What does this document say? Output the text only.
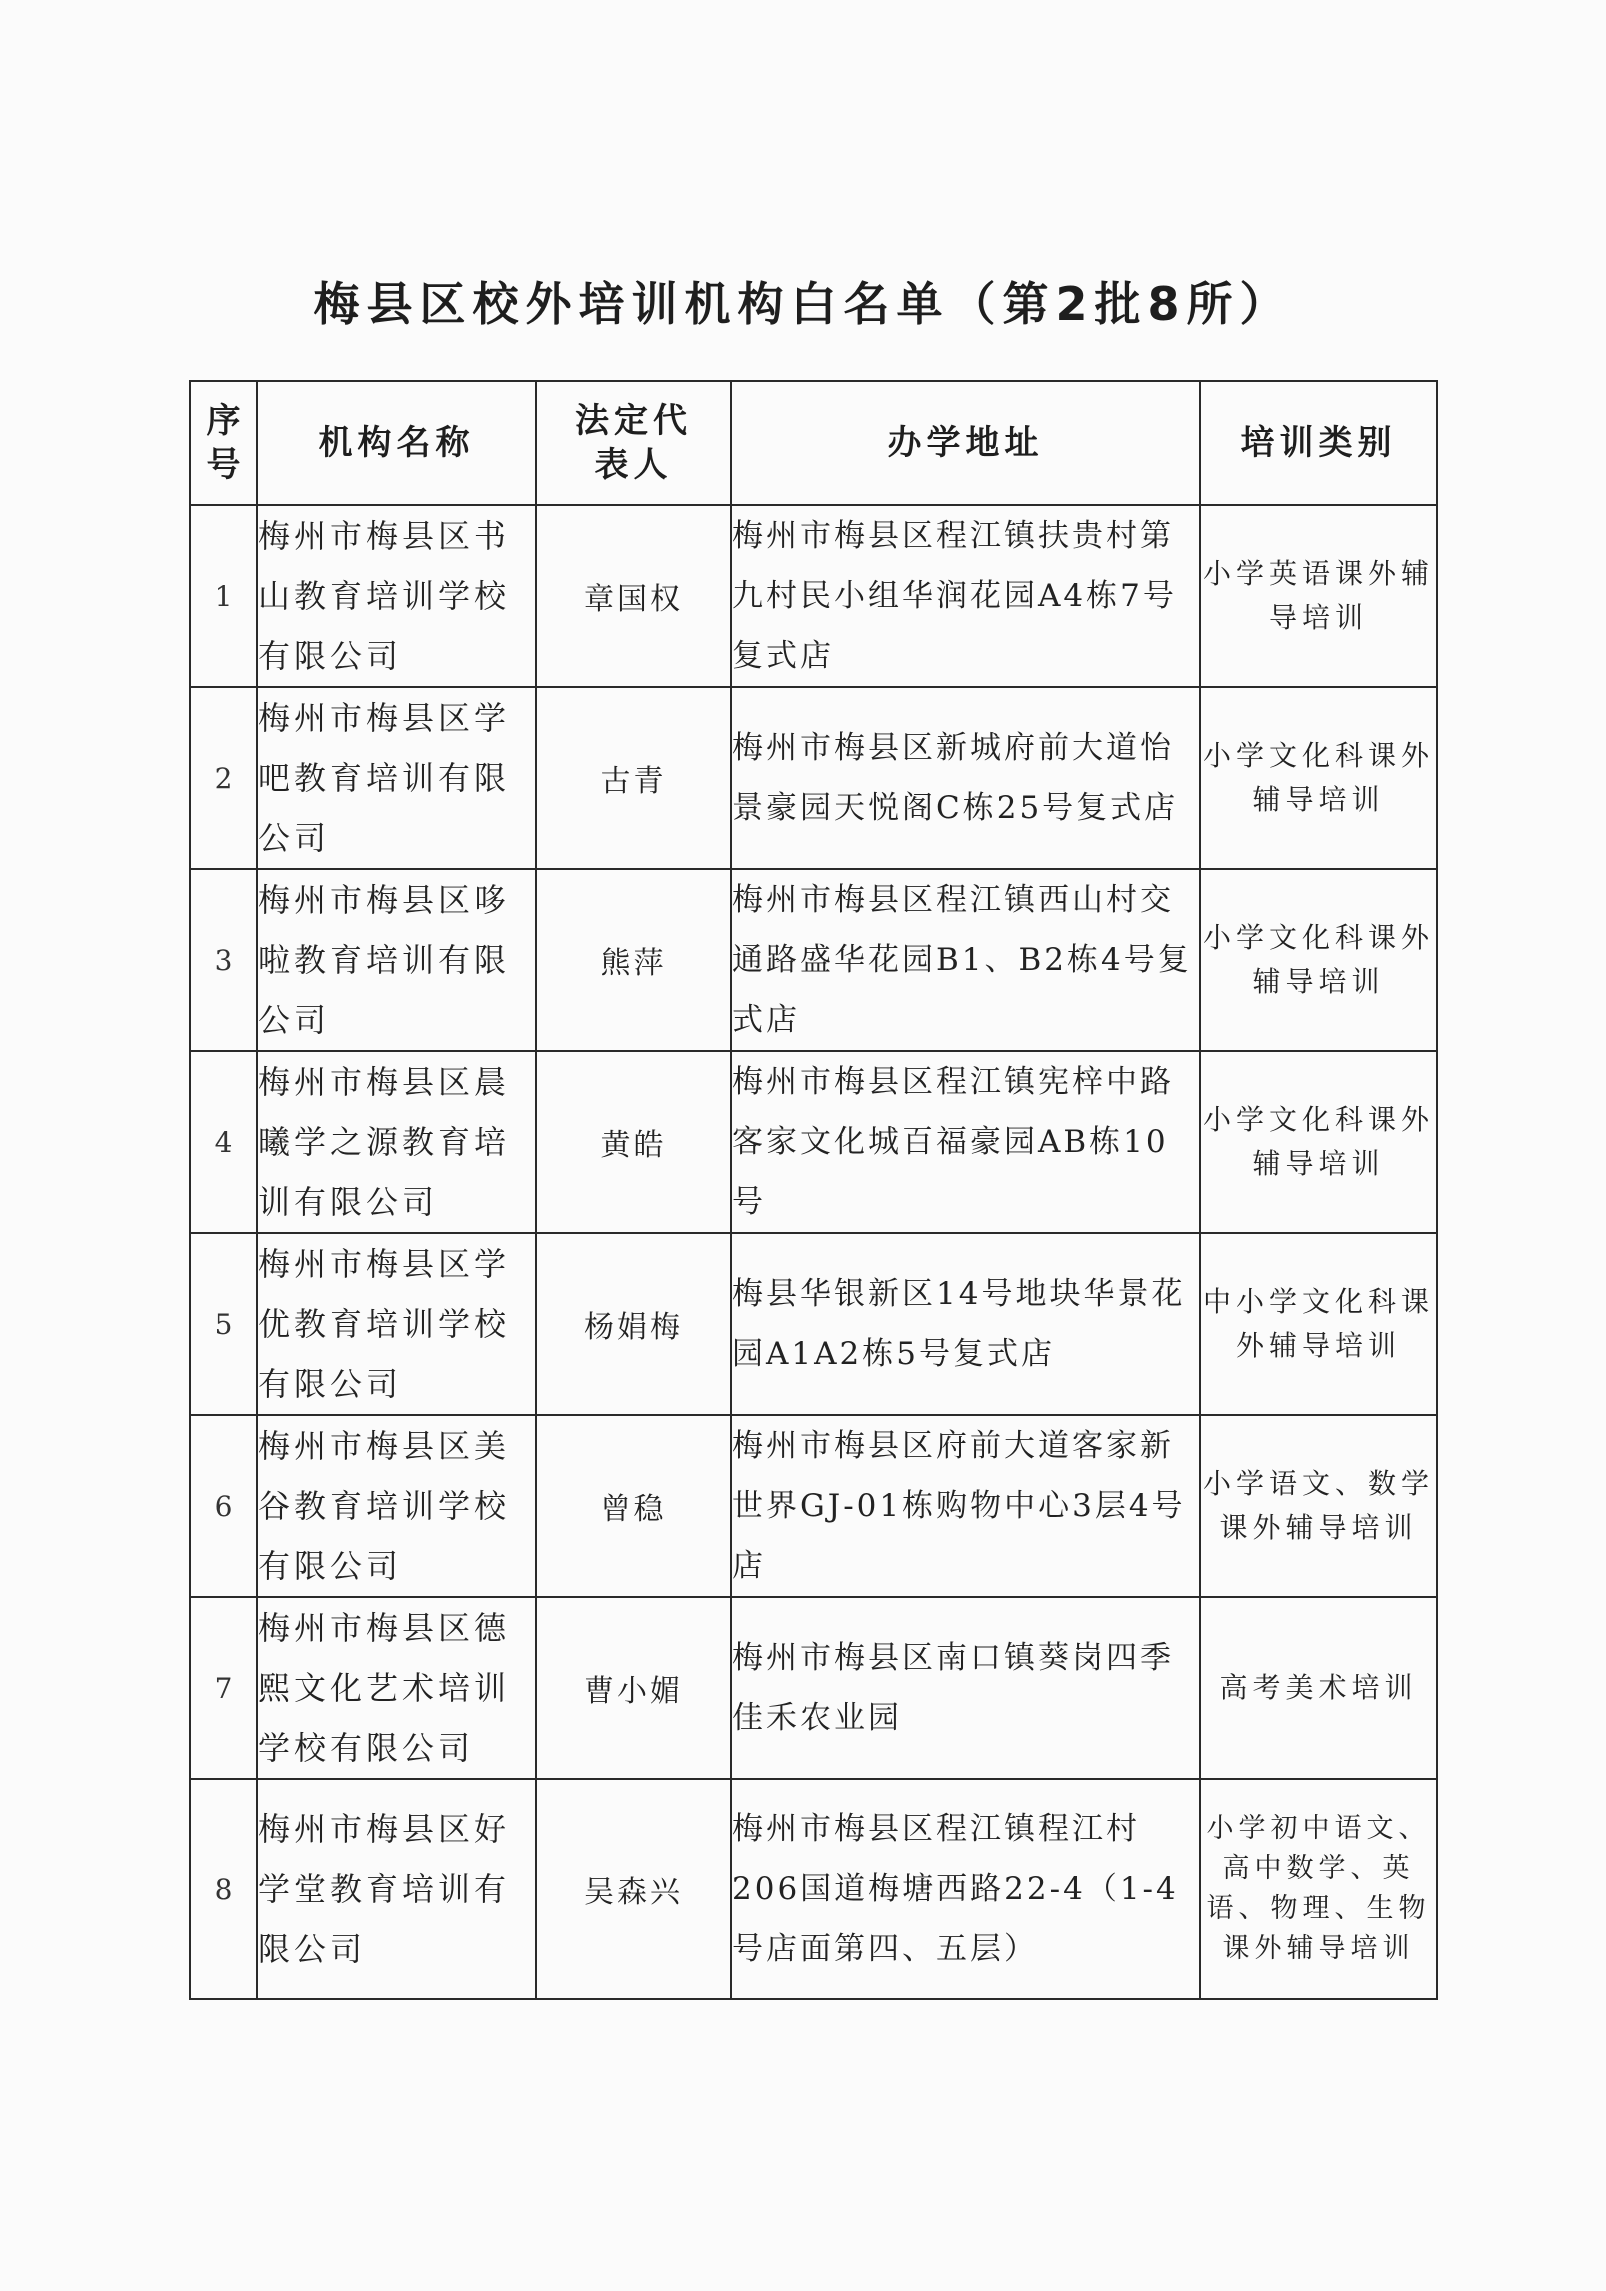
梅县区校外培训机构白名单（第2批8所）
序号	机构名称	法定代表人	办学地址	培训类别
1	梅州市梅县区书山教育培训学校有限公司	章国权	梅州市梅县区程江镇扶贵村第九村民小组华润花园A4栋7号复式店	小学英语课外辅导培训
2	梅州市梅县区学吧教育培训有限公司	古青	梅州市梅县区新城府前大道怡景豪园天悦阁C栋25号复式店	小学文化科课外辅导培训
3	梅州市梅县区哆啦教育培训有限公司	熊萍	梅州市梅县区程江镇西山村交通路盛华花园B1、B2栋4号复式店	小学文化科课外辅导培训
4	梅州市梅县区晨曦学之源教育培训有限公司	黄皓	梅州市梅县区程江镇宪梓中路客家文化城百福豪园AB栋10号	小学文化科课外辅导培训
5	梅州市梅县区学优教育培训学校有限公司	杨娟梅	梅县华银新区14号地块华景花园A1A2栋5号复式店	中小学文化科课外辅导培训
6	梅州市梅县区美谷教育培训学校有限公司	曾稳	梅州市梅县区府前大道客家新世界GJ-01栋购物中心3层4号店	小学语文、数学课外辅导培训
7	梅州市梅县区德熙文化艺术培训学校有限公司	曹小媚	梅州市梅县区南口镇葵岗四季佳禾农业园	高考美术培训
8	梅州市梅县区好学堂教育培训有限公司	吴森兴	梅州市梅县区程江镇程江村206国道梅塘西路22-4（1-4号店面第四、五层）	小学初中语文、高中数学、英语、物理、生物课外辅导培训
